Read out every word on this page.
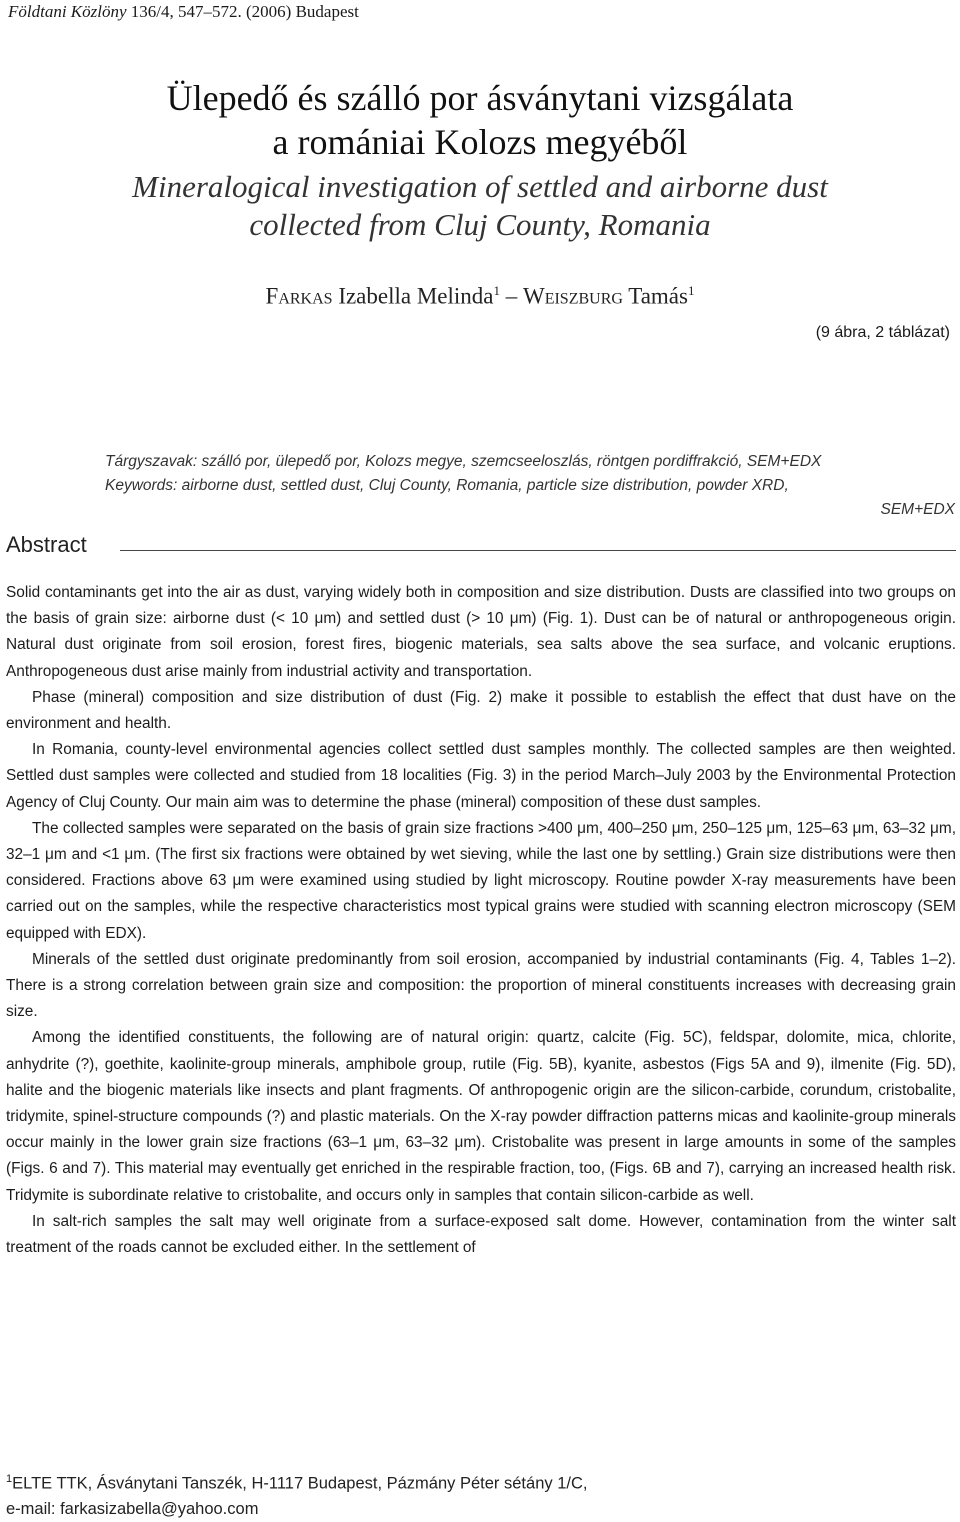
Földtani Közlöny 136/4, 547–572. (2006) Budapest
Ülepedő és szálló por ásványtani vizsgálata
a romániai Kolozs megyéből
Mineralogical investigation of settled and airborne dust
collected from Cluj County, Romania
Farkas Izabella Melinda$^1$ – Weiszburg Tamás$^1$
(9 ábra, 2 táblázat)
Tárgyszavak: szálló por, ülepedő por, Kolozs megye, szemcseeloszlás, röntgen pordiffrakció, SEM+EDX
Keywords: airborne dust, settled dust, Cluj County, Romania, particle size distribution, powder XRD,
SEM+EDX
Abstract

Solid contaminants get into the air as dust, varying widely both in composition and size distribution. Dusts are classified into two groups on the basis of grain size: airborne dust (< 10 μm) and settled dust (> 10 μm) (Fig. 1). Dust can be of natural or anthropogeneous origin. Natural dust originate from soil erosion, forest fires, biogenic materials, sea salts above the sea surface, and volcanic eruptions. Anthropogeneous dust arise mainly from industrial activity and transportation.

Phase (mineral) composition and size distribution of dust (Fig. 2) make it possible to establish the effect that dust have on the environment and health.

In Romania, county-level environmental agencies collect settled dust samples monthly. The collected samples are then weighted. Settled dust samples were collected and studied from 18 localities (Fig. 3) in the period March–July 2003 by the Environmental Protection Agency of Cluj County. Our main aim was to determine the phase (mineral) composition of these dust samples.

The collected samples were separated on the basis of grain size fractions >400 μm, 400–250 μm, 250–125 μm, 125–63 μm, 63–32 μm, 32–1 μm and <1 μm. (The first six fractions were obtained by wet sieving, while the last one by settling.) Grain size distributions were then considered. Fractions above 63 μm were examined using studied by light microscopy. Routine powder X-ray measurements have been carried out on the samples, while the respective characteristics most typical grains were studied with scanning electron microscopy (SEM equipped with EDX).

Minerals of the settled dust originate predominantly from soil erosion, accompanied by industrial contaminants (Fig. 4, Tables 1–2). There is a strong correlation between grain size and composition: the proportion of mineral constituents increases with decreasing grain size.

Among the identified constituents, the following are of natural origin: quartz, calcite (Fig. 5C), feldspar, dolomite, mica, chlorite, anhydrite (?), goethite, kaolinite-group minerals, amphibole group, rutile (Fig. 5B), kyanite, asbestos (Figs 5A and 9), ilmenite (Fig. 5D), halite and the biogenic materials like insects and plant fragments. Of anthropogenic origin are the silicon-carbide, corundum, cristobalite, tridymite, spinel-structure compounds (?) and plastic materials. On the X-ray powder diffraction patterns micas and kaolinite-group minerals occur mainly in the lower grain size fractions (63–1 μm, 63–32 μm). Cristobalite was present in large amounts in some of the samples (Figs. 6 and 7). This material may eventually get enriched in the respirable fraction, too, (Figs. 6B and 7), carrying an increased health risk. Tridymite is subordinate relative to cristobalite, and occurs only in samples that contain silicon-carbide as well.

In salt-rich samples the salt may well originate from a surface-exposed salt dome. However, contamination from the winter salt treatment of the roads cannot be excluded either. In the settlement of

$^1$ELTE TTK, Ásványtani Tanszék, H-1117 Budapest, Pázmány Péter sétány 1/C,
e-mail: farkasizabella@yahoo.com
